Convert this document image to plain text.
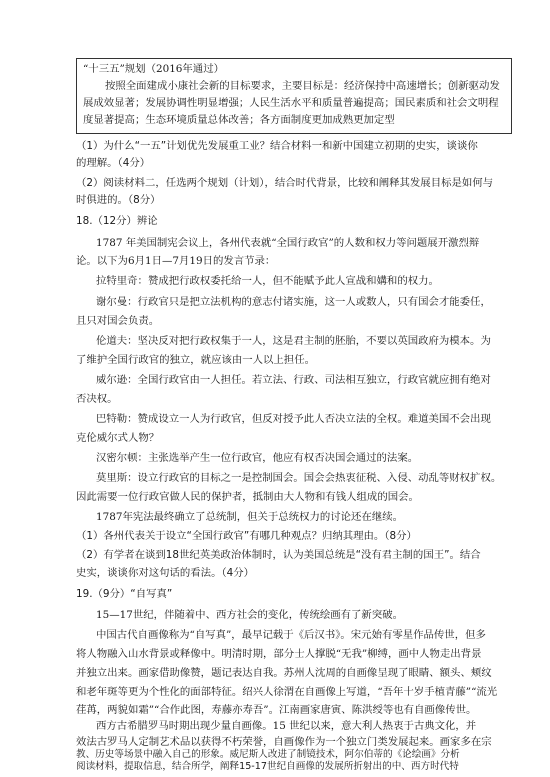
“十三五”规划（2016年通过）
按照全面建成小康社会新的目标要求，主要目标是：经济保持中高速增长；创新驱动发
展成效显著；发展协调性明显增强；人民生活水平和质量普遍提高；国民素质和社会文明程
度显著提高；生态环境质量总体改善；各方面制度更加成熟更加定型
（1）为什么“一五”计划优先发展重工业？结合材料一和新中国建立初期的史实，谈谈你
的理解。（4分）
（2）阅读材料二，任选两个规划（计划），结合时代背景，比较和阐释其发展目标是如何与
时俱进的。（8分）
18.（12分）辨论
1787 年美国制宪会议上，各州代表就“全国行政官”的人数和权力等问题展开激烈辩
论。以下为6月1日—7月19日的发言节录：
拉特里奇：赞成把行政权委托给一人，但不能赋予此人宣战和媾和的权力。
谢尔曼：行政官只是把立法机构的意志付诸实施，这一人或数人，只有国会才能委任，
且只对国会负责。
伦道夫：坚决反对把行政权集于一人，这是君主制的胚胎，不要以英国政府为模本。为
了维护全国行政官的独立，就应该由一人以上担任。
威尔逊：全国行政官由一人担任。若立法、行政、司法相互独立，行政官就应拥有绝对
否决权。
巴特勒：赞成设立一人为行政官，但反对授予此人否决立法的全权。难道美国不会出现
克伦威尔式人物？
汉密尔顿：主张选举产生一位行政官，他应有权否决国会通过的法案。
莫里斯：设立行政官的目标之一是控制国会。国会会热衷征税、入侵、动乱等财权扩权。
因此需要一位行政官做人民的保护者，抵制由大人物和有钱人组成的国会。
1787年宪法最终确立了总统制，但关于总统权力的讨论还在继续。
（1）各州代表关于设立“全国行政官”有哪几种观点？归纳其理由。（8分）
（2）有学者在谈到18世纪英美政治体制时，认为美国总统是“没有君主制的国王”。结合
史实，谈谈你对这句话的看法。（4分）
19.（9分）“自写真”
15—17世纪，伴随着中、西方社会的变化，传统绘画有了新突破。
中国古代自画像称为“自写真”，最早记载于《后汉书》。宋元始有零星作品传世，但多
将人物融入山水背景或释像中。明清时期，部分士人撑脱“无我”柳缚，画中人物走出背景
并独立出来。画家借助像赞，题记表达自我。苏州人沈周的自画像呈现了眼睛、额头、颊纹
和老年斑等更为个性化的面部特征。绍兴人徐渭在自画像上写道，“吾年十岁手植青藤”“流光
荏苒，两貌如霜”“合作此图，寿藤亦寿吾”。江南画家唐寅、陈洪绶等也有自画像传世。
西方古希腊罗马时期出现少量自画像。15 世纪以来，意大利人热衷于古典文化，并
效法古罗马人定制艺术品以获得不朽荣誉，自画像作为一个独立门类发展起来。画家多在宗
教、历史等场景中融入自己的形象。威尼斯人改进了制镜技术，阿尔伯蒂的《论绘画》分析
阅读材料，提取信息，结合所学，阐释15-17世纪自画像的发展所折射出的中、西方时代特
